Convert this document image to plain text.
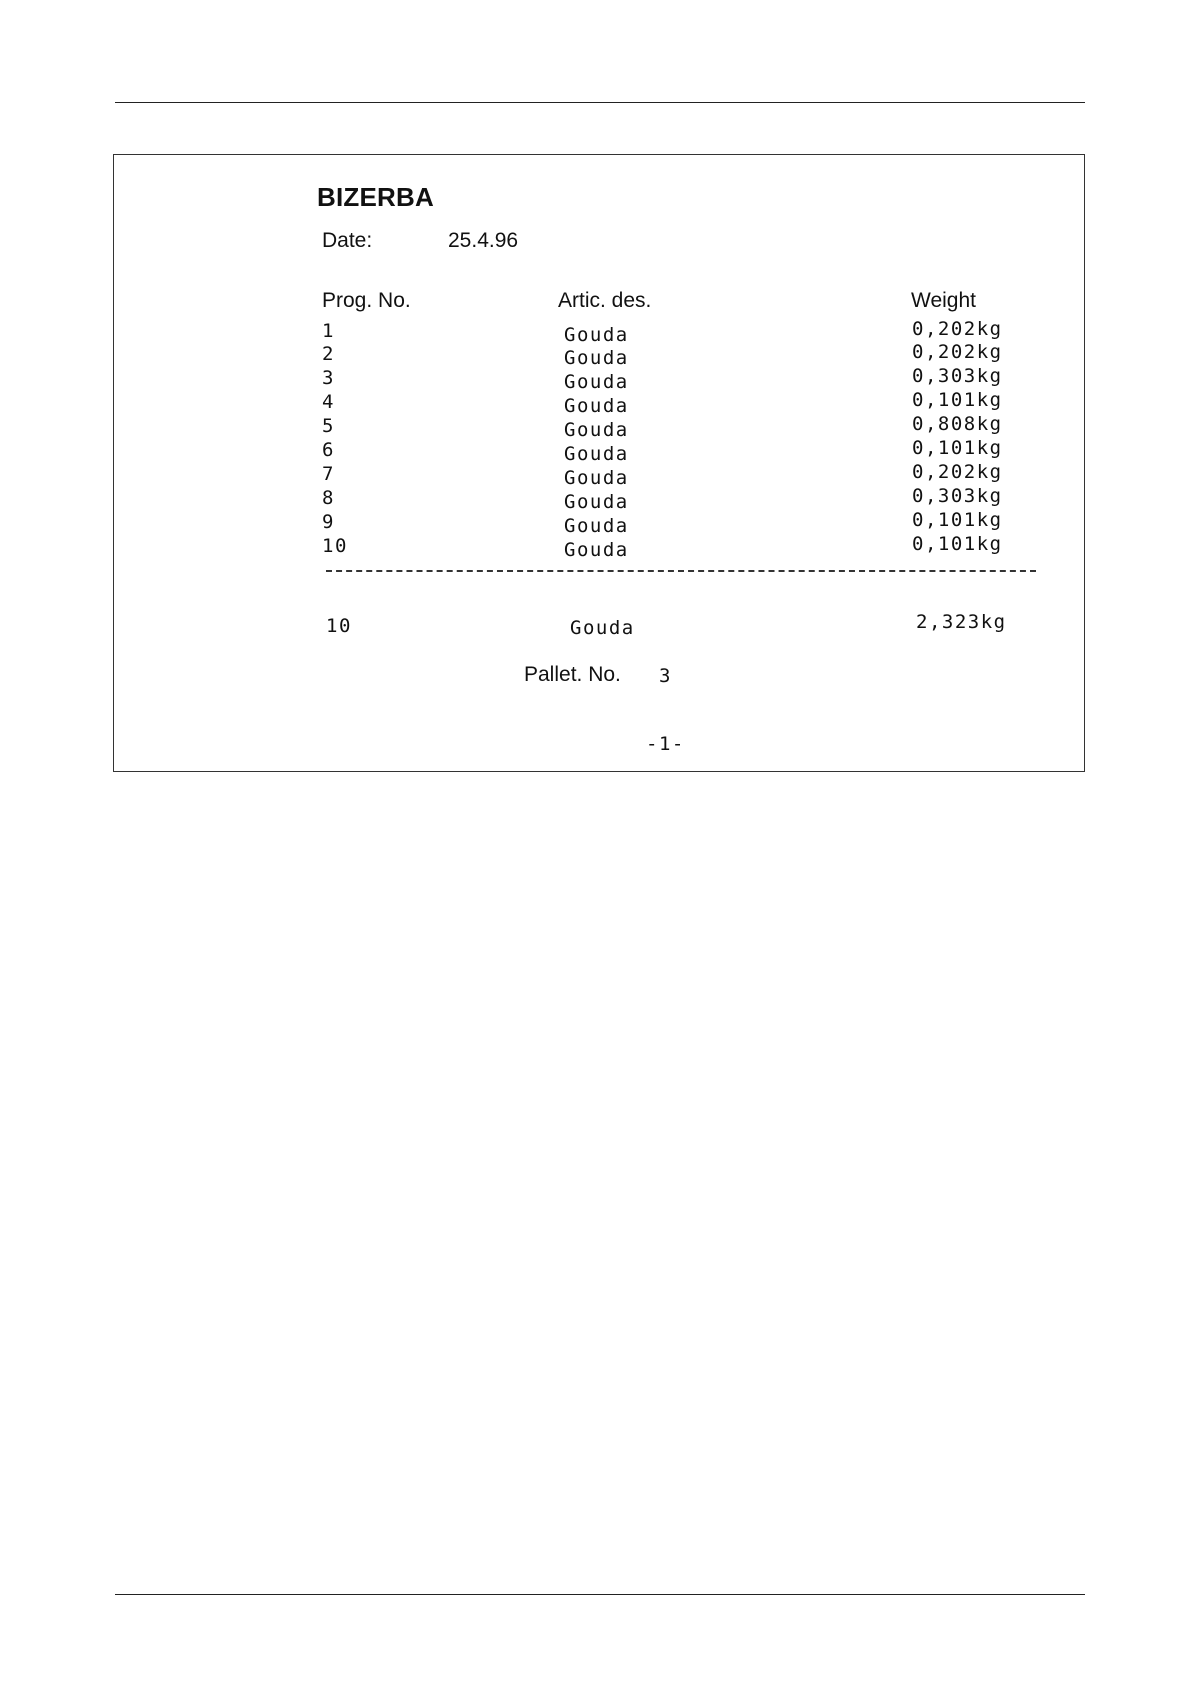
BIZERBA
Date:	25.4.96
Prog. No.	Artic. des.	Weight
1	Gouda	0,202kg
2	Gouda	0,202kg
3	Gouda	0,303kg
4	Gouda	0,101kg
5	Gouda	0,808kg
6	Gouda	0,101kg
7	Gouda	0,202kg
8	Gouda	0,303kg
9	Gouda	0,101kg
10	Gouda	0,101kg
10	Gouda	2,323kg
Pallet. No. 3
-1-
